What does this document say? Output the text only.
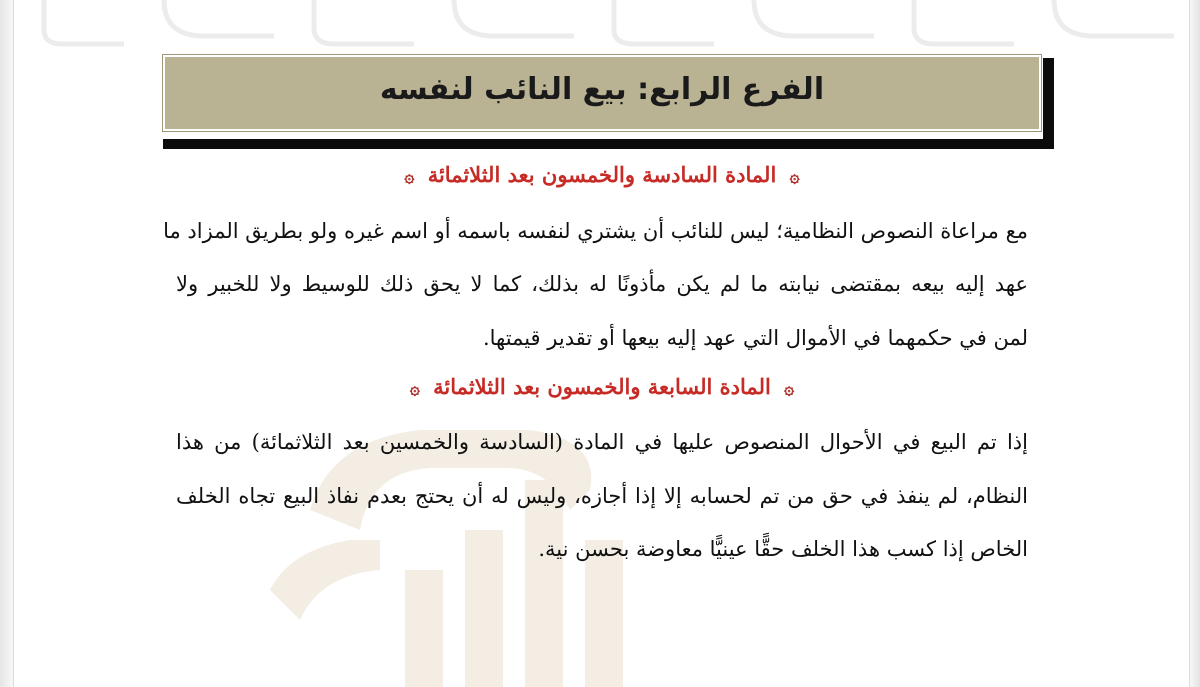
الفرع الرابع: بيع النائب لنفسه
۞ المادة السادسة والخمسون بعد الثلاثمائة ۞
مع مراعاة النصوص النظامية؛ ليس للنائب أن يشتري لنفسه باسمه أو اسم غيره ولو بطريق المزاد ما
عهد إليه بيعه بمقتضى نيابته ما لم يكن مأذونًا له بذلك، كما لا يحق ذلك للوسيط ولا للخبير ولا
لمن في حكمهما في الأموال التي عهد إليه بيعها أو تقدير قيمتها.
۞ المادة السابعة والخمسون بعد الثلاثمائة ۞
إذا تم البيع في الأحوال المنصوص عليها في المادة (السادسة والخمسين بعد الثلاثمائة) من هذا
النظام، لم ينفذ في حق من تم لحسابه إلا إذا أجازه، وليس له أن يحتج بعدم نفاذ البيع تجاه الخلف
الخاص إذا كسب هذا الخلف حقًّا عينيًّا معاوضة بحسن نية.
